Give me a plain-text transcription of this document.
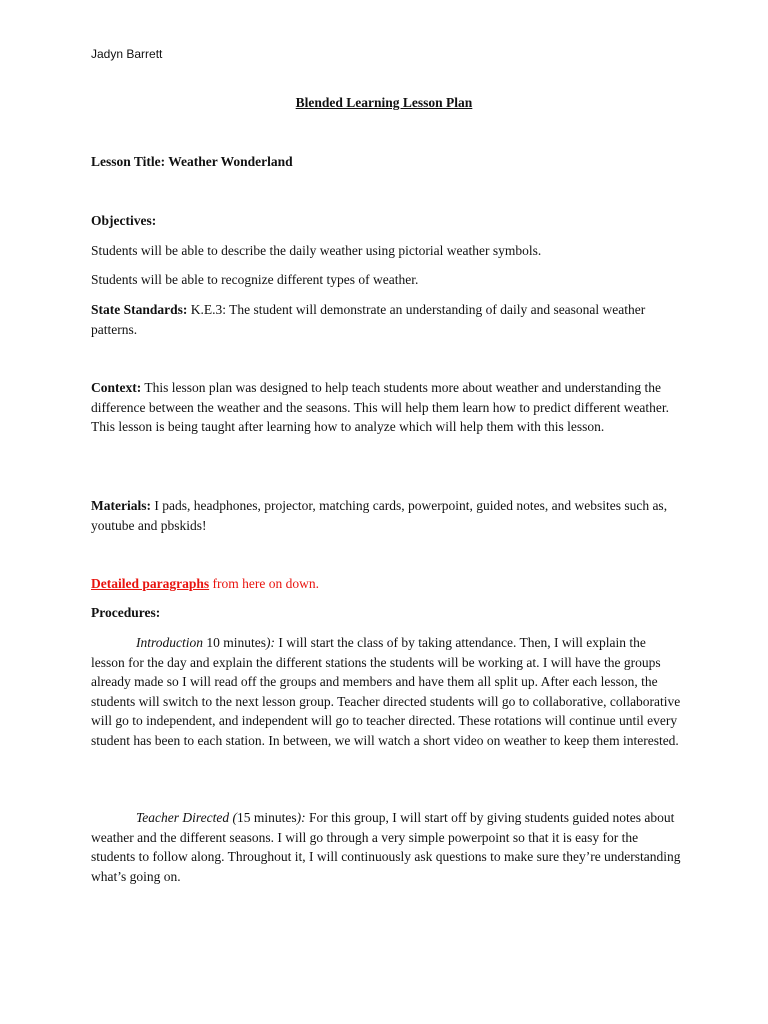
Jadyn Barrett
Blended Learning Lesson Plan

Lesson Title: Weather Wonderland

Objectives:

Students will be able to describe the daily weather using pictorial weather symbols.

Students will be able to recognize different types of weather.

State Standards: K.E.3: The student will demonstrate an understanding of daily and seasonal weather patterns.

Context: This lesson plan was designed to help teach students more about weather and understanding the difference between the weather and the seasons. This will help them learn how to predict different weather. This lesson is being taught after learning how to analyze which will help them with this lesson.

Materials: I pads, headphones, projector, matching cards, powerpoint, guided notes, and websites such as, youtube and pbskids!

Detailed paragraphs from here on down.

Procedures:

Introduction 10 minutes): I will start the class of by taking attendance. Then, I will explain the lesson for the day and explain the different stations the students will be working at. I will have the groups already made so I will read off the groups and members and have them all split up. After each lesson, the students will switch to the next lesson group. Teacher directed students will go to collaborative, collaborative will go to independent, and independent will go to teacher directed. These rotations will continue until every student has been to each station. In between, we will watch a short video on weather to keep them interested.

Teacher Directed (15 minutes): For this group, I will start off by giving students guided notes about weather and the different seasons. I will go through a very simple powerpoint so that it is easy for the students to follow along. Throughout it, I will continuously ask questions to make sure they’re understanding what’s going on.
